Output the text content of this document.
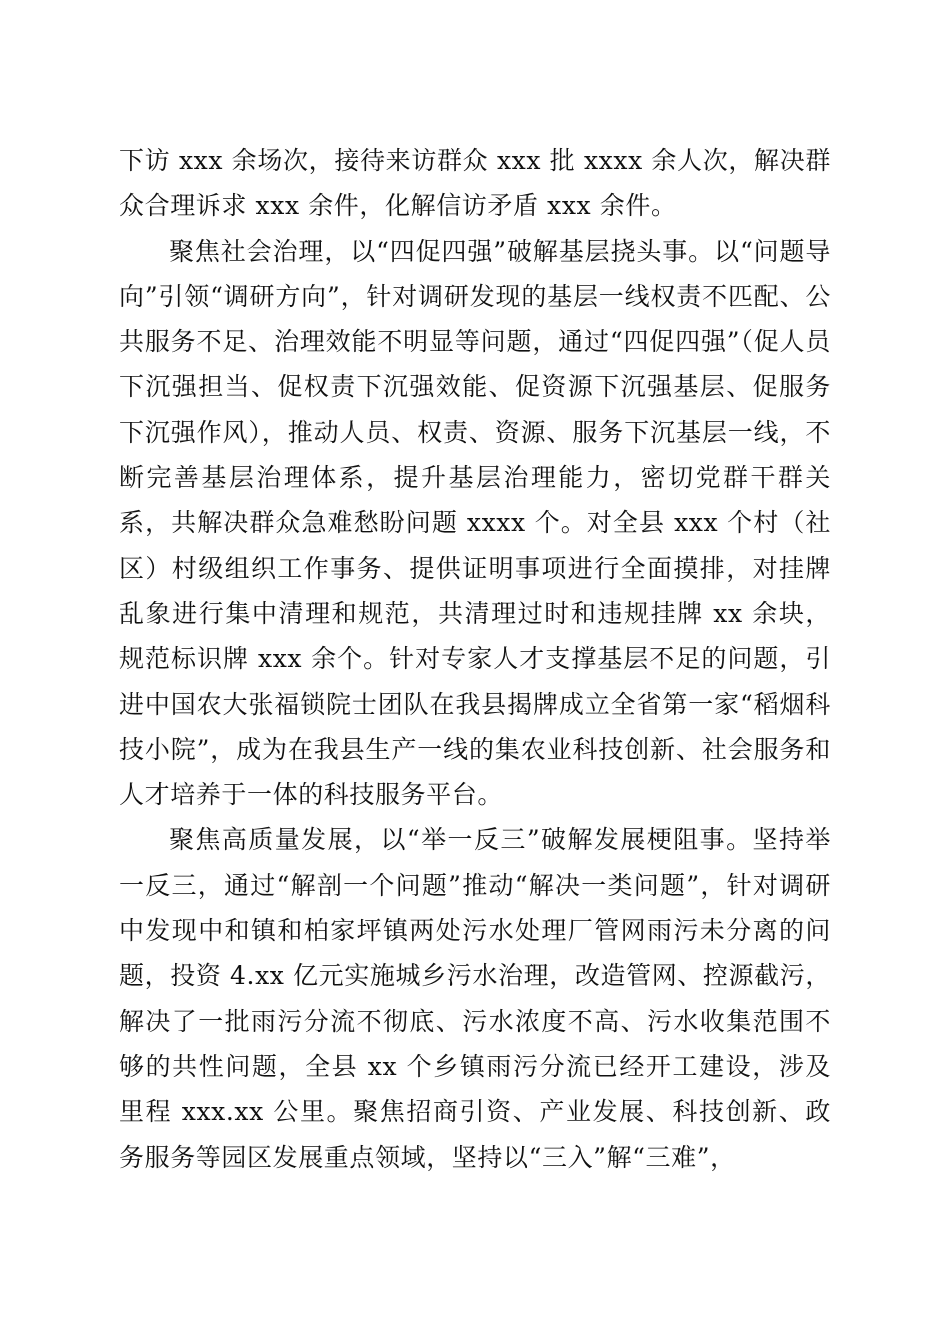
下访 xxx 余场次，接待来访群众 xxx 批 xxxx 余人次，解决群众合理诉求 xxx 余件，化解信访矛盾 xxx 余件。

聚焦社会治理，以“四促四强”破解基层挠头事。以“问题导向”引领“调研方向”，针对调研发现的基层一线权责不匹配、公共服务不足、治理效能不明显等问题，通过“四促四强”（促人员下沉强担当、促权责下沉强效能、促资源下沉强基层、促服务下沉强作风），推动人员、权责、资源、服务下沉基层一线，不断完善基层治理体系，提升基层治理能力，密切党群干群关系，共解决群众急难愁盼问题 xxxx 个。对全县 xxx 个村（社区）村级组织工作事务、提供证明事项进行全面摸排，对挂牌乱象进行集中清理和规范，共清理过时和违规挂牌 xx 余块，规范标识牌 xxx 余个。针对专家人才支撑基层不足的问题，引进中国农大张福锁院士团队在我县揭牌成立全省第一家“稻烟科技小院”，成为在我县生产一线的集农业科技创新、社会服务和人才培养于一体的科技服务平台。

聚焦高质量发展，以“举一反三”破解发展梗阻事。坚持举一反三，通过“解剖一个问题”推动“解决一类问题”，针对调研中发现中和镇和柏家坪镇两处污水处理厂管网雨污未分离的问题，投资 4.xx 亿元实施城乡污水治理，改造管网、控源截污，解决了一批雨污分流不彻底、污水浓度不高、污水收集范围不够的共性问题，全县 xx 个乡镇雨污分流已经开工建设，涉及里程 xxx.xx 公里。聚焦招商引资、产业发展、科技创新、政务服务等园区发展重点领域，坚持以“三入”解“三难”，
